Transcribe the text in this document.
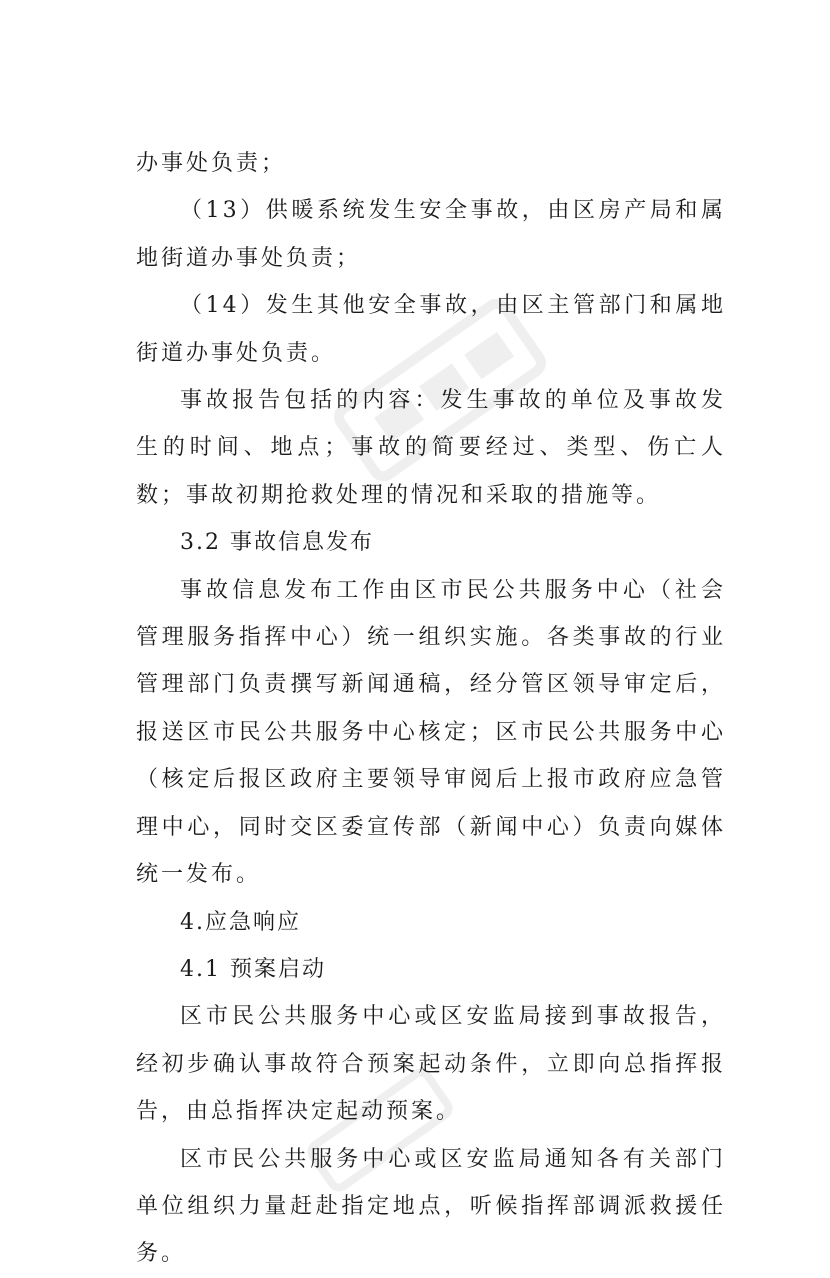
办事处负责；

（13）供暖系统发生安全事故，由区房产局和属地街道办事处负责；

（14）发生其他安全事故，由区主管部门和属地街道办事处负责。

事故报告包括的内容：发生事故的单位及事故发生的时间、地点；事故的简要经过、类型、伤亡人数；事故初期抢救处理的情况和采取的措施等。

3.2 事故信息发布

事故信息发布工作由区市民公共服务中心（社会管理服务指挥中心）统一组织实施。各类事故的行业管理部门负责撰写新闻通稿，经分管区领导审定后，报送区市民公共服务中心核定；区市民公共服务中心（核定后报区政府主要领导审阅后上报市政府应急管理中心，同时交区委宣传部（新闻中心）负责向媒体统一发布。

4.应急响应

4.1 预案启动

区市民公共服务中心或区安监局接到事故报告，经初步确认事故符合预案起动条件，立即向总指挥报告，由总指挥决定起动预案。

区市民公共服务中心或区安监局通知各有关部门单位组织力量赶赴指定地点，听候指挥部调派救援任务。
